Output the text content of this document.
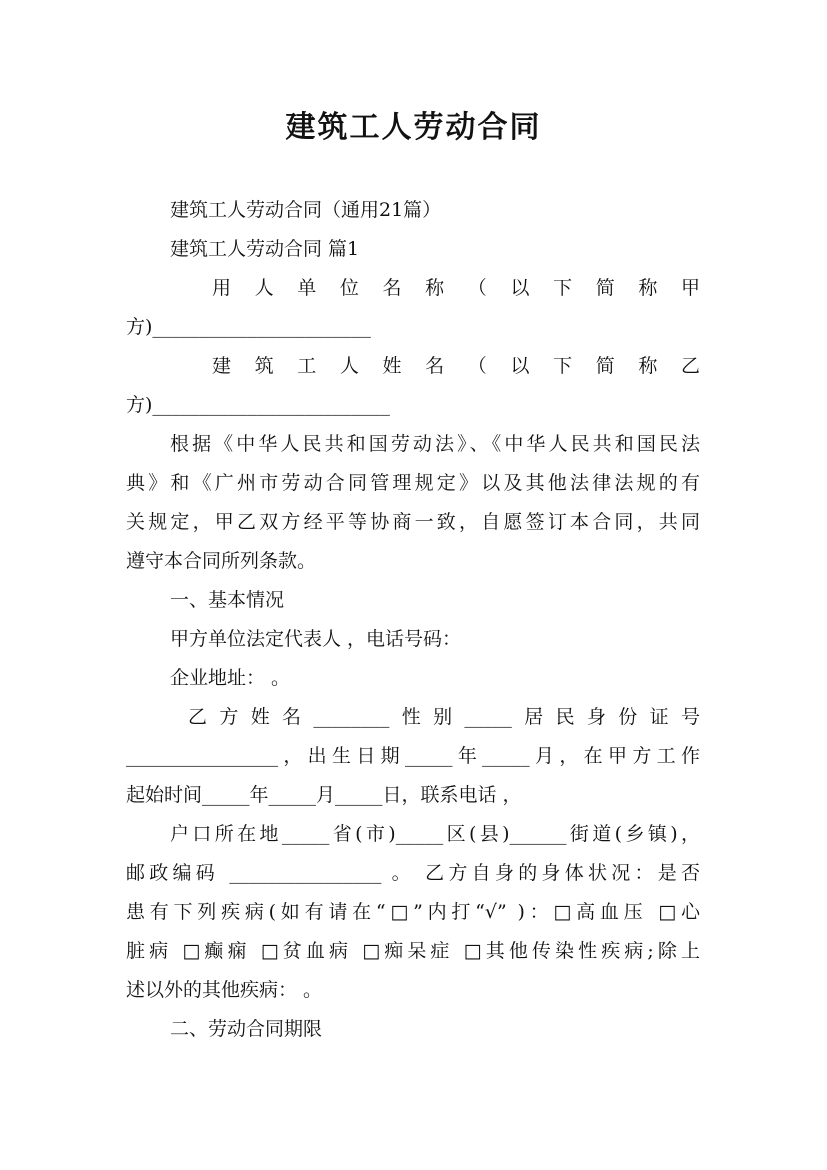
建筑工人劳动合同

建筑工人劳动合同（通用21篇）

建筑工人劳动合同 篇1

用人单位名称（以下简称甲

方)_______________________

建筑工人姓名（以下简称乙

方)_________________________

根据《中华人民共和国劳动法》、《中华人民共和国民法

典》和《广州市劳动合同管理规定》以及其他法律法规的有

关规定，甲乙双方经平等协商一致，自愿签订本合同，共同

遵守本合同所列条款。

一、基本情况

甲方单位法定代表人 ，电话号码：

企业地址： 。

乙方姓名________性别_____居民身份证号

________________，出生日期_____年_____月，在甲方工作

起始时间_____年_____月_____日，联系电话 ，

户口所在地_____省(市)_____区(县)______街道(乡镇)，

邮政编码 ________________ 。 乙方自身的身体状况：是否

患有下列疾病(如有请在“□”内打“√” )：□高血压 □心

脏病 □癫痫 □贫血病 □痴呆症 □其他传染性疾病;除上

述以外的其他疾病： 。

二、劳动合同期限
